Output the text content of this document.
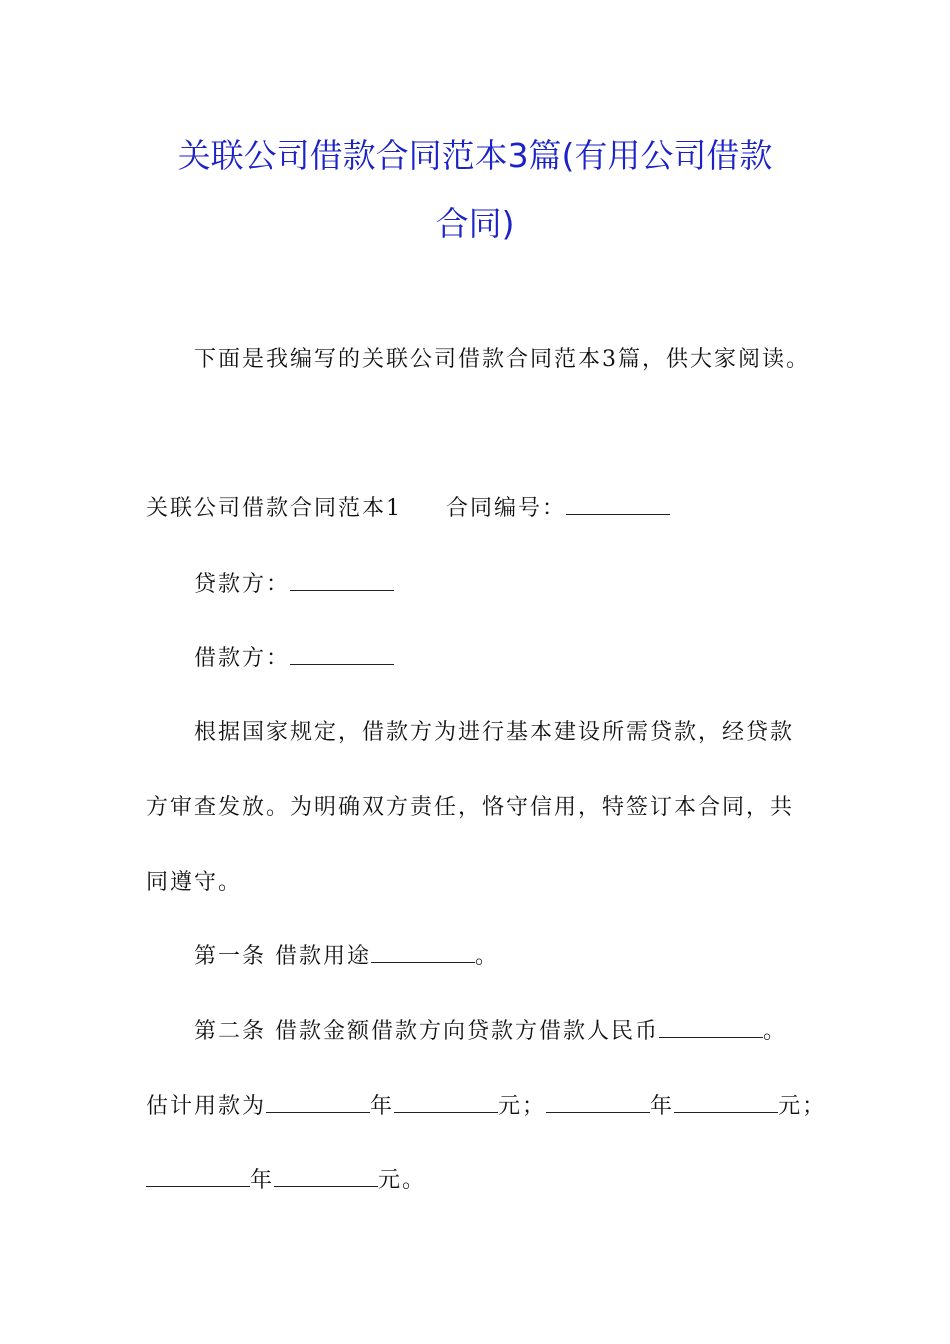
关联公司借款合同范本3篇(有用公司借款
合同)
下面是我编写的关联公司借款合同范本3篇，供大家阅读。
关联公司借款合同范本1 合同编号：
贷款方：
借款方：
根据国家规定，借款方为进行基本建设所需贷款，经贷款
方审查发放。为明确双方责任，恪守信用，特签订本合同，共
同遵守。
第一条 借款用途	。
第二条 借款金额借款方向贷款方借款人民币	。
估计用款为	年	元；	年	元；
年	元。
